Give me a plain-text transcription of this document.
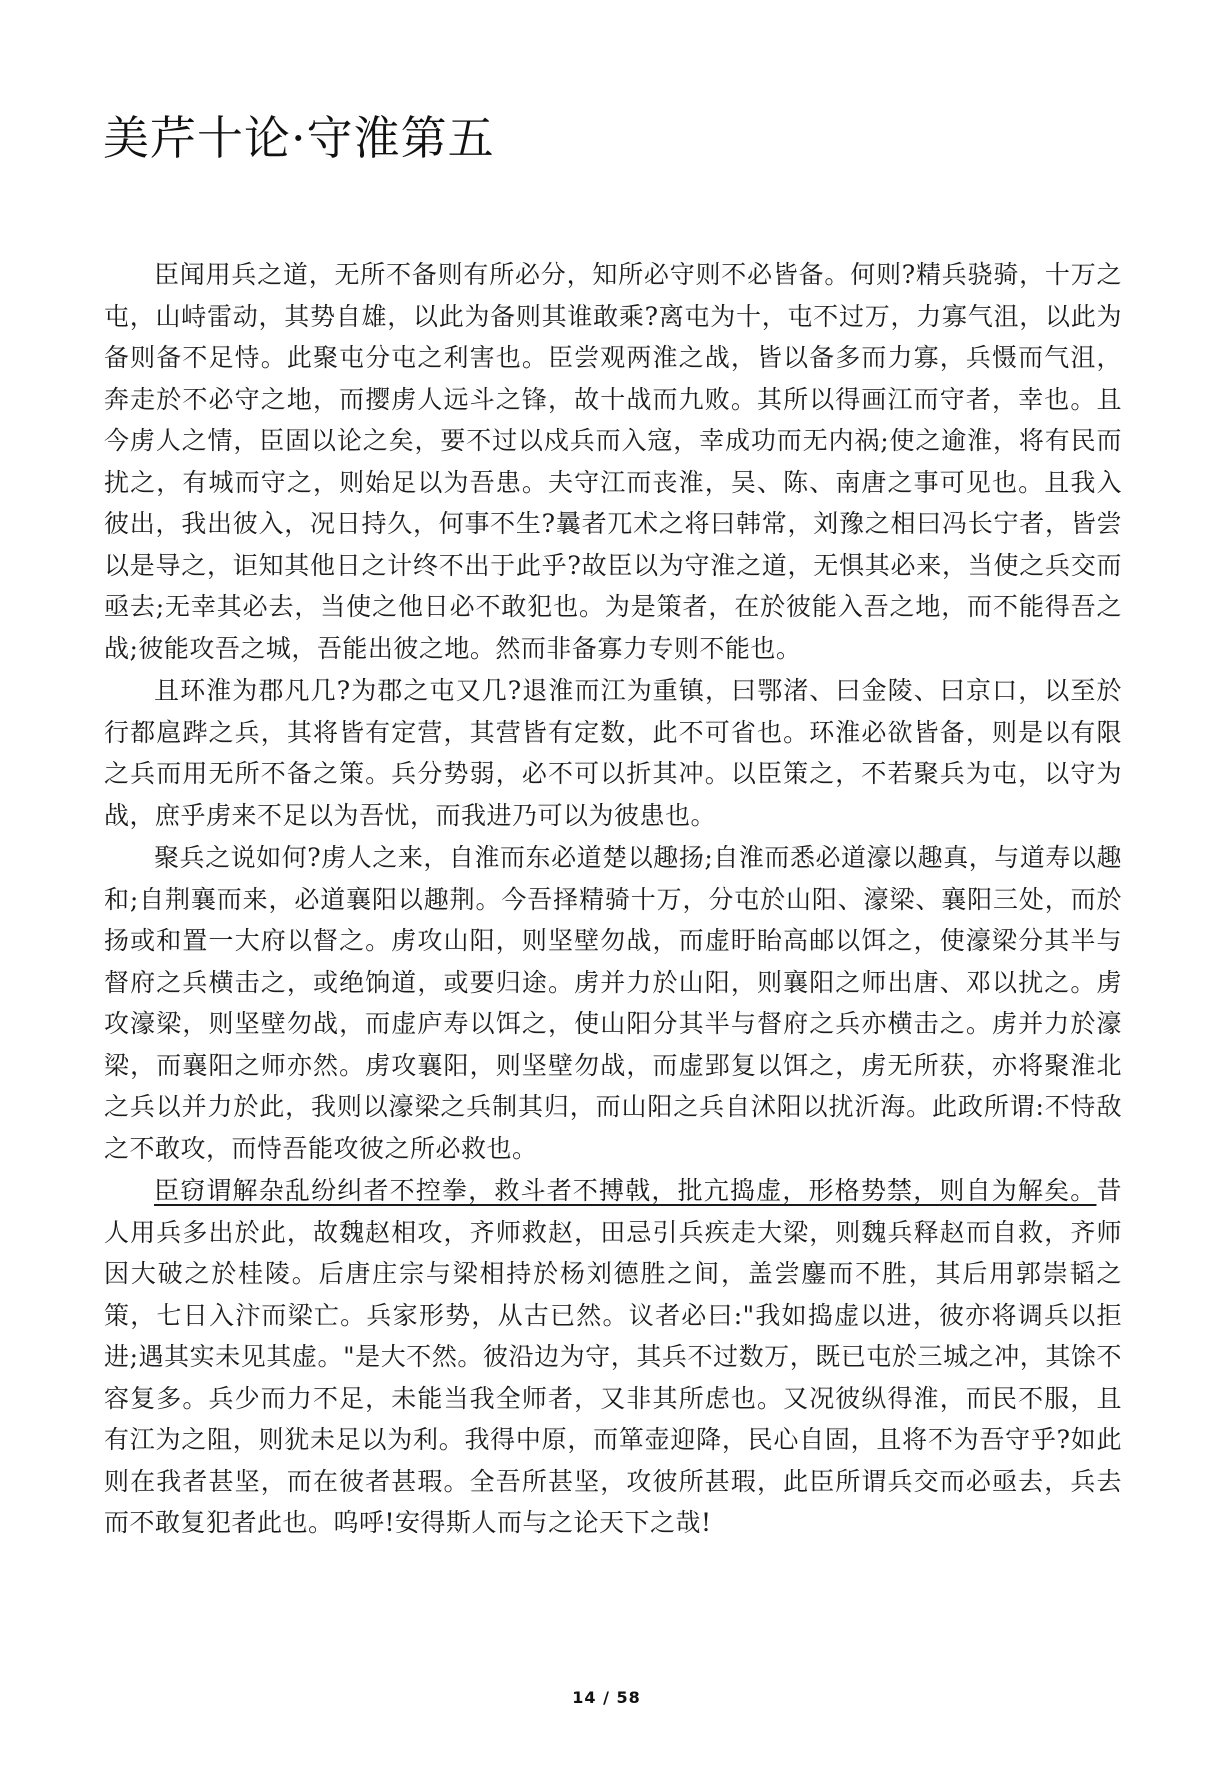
美芹十论·守淮第五

臣闻用兵之道，无所不备则有所必分，知所必守则不必皆备。何则?精兵骁骑，十万之屯，山峙雷动，其势自雄，以此为备则其谁敢乘?离屯为十，屯不过万，力寡气沮，以此为备则备不足恃。此聚屯分屯之利害也。臣尝观两淮之战，皆以备多而力寡，兵慑而气沮，奔走於不必守之地，而撄虏人远斗之锋，故十战而九败。其所以得画江而守者，幸也。且今虏人之情，臣固以论之矣，要不过以戍兵而入寇，幸成功而无内祸;使之逾淮，将有民而扰之，有城而守之，则始足以为吾患。夫守江而丧淮，吴、陈、南唐之事可见也。且我入彼出，我出彼入，况日持久，何事不生?曩者兀术之将曰韩常，刘豫之相曰冯长宁者，皆尝以是导之，讵知其他日之计终不出于此乎?故臣以为守淮之道，无惧其必来，当使之兵交而亟去;无幸其必去，当使之他日必不敢犯也。为是策者，在於彼能入吾之地，而不能得吾之战;彼能攻吾之城，吾能出彼之地。然而非备寡力专则不能也。

且环淮为郡凡几?为郡之屯又几?退淮而江为重镇，曰鄂渚、曰金陵、曰京口，以至於行都扈跸之兵，其将皆有定营，其营皆有定数，此不可省也。环淮必欲皆备，则是以有限之兵而用无所不备之策。兵分势弱，必不可以折其冲。以臣策之，不若聚兵为屯，以守为战，庶乎虏来不足以为吾忧，而我进乃可以为彼患也。

聚兵之说如何?虏人之来，自淮而东必道楚以趣扬;自淮而悉必道濠以趣真，与道寿以趣和;自荆襄而来，必道襄阳以趣荆。今吾择精骑十万，分屯於山阳、濠梁、襄阳三处，而於扬或和置一大府以督之。虏攻山阳，则坚壁勿战，而虚盱眙高邮以饵之，使濠梁分其半与督府之兵横击之，或绝饷道，或要归途。虏并力於山阳，则襄阳之师出唐、邓以扰之。虏攻濠梁，则坚壁勿战，而虚庐寿以饵之，使山阳分其半与督府之兵亦横击之。虏并力於濠梁，而襄阳之师亦然。虏攻襄阳，则坚壁勿战，而虚郢复以饵之，虏无所获，亦将聚淮北之兵以并力於此，我则以濠梁之兵制其归，而山阳之兵自沭阳以扰沂海。此政所谓:不恃敌之不敢攻，而恃吾能攻彼之所必救也。

臣窃谓解杂乱纷纠者不控拳，救斗者不搏戟，批亢捣虚，形格势禁，则自为解矣。昔人用兵多出於此，故魏赵相攻，齐师救赵，田忌引兵疾走大梁，则魏兵释赵而自救，齐师因大破之於桂陵。后唐庄宗与梁相持於杨刘德胜之间，盖尝鏖而不胜，其后用郭崇韬之策，七日入汴而梁亡。兵家形势，从古已然。议者必曰:"我如捣虚以进，彼亦将调兵以拒进;遇其实未见其虚。"是大不然。彼沿边为守，其兵不过数万，既已屯於三城之冲，其馀不容复多。兵少而力不足，未能当我全师者，又非其所虑也。又况彼纵得淮，而民不服，且有江为之阻，则犹未足以为利。我得中原，而箪壶迎降，民心自固，且将不为吾守乎?如此则在我者甚坚，而在彼者甚瑕。全吾所甚坚，攻彼所甚瑕，此臣所谓兵交而必亟去，兵去而不敢复犯者此也。呜呼!安得斯人而与之论天下之哉!

14 / 58
